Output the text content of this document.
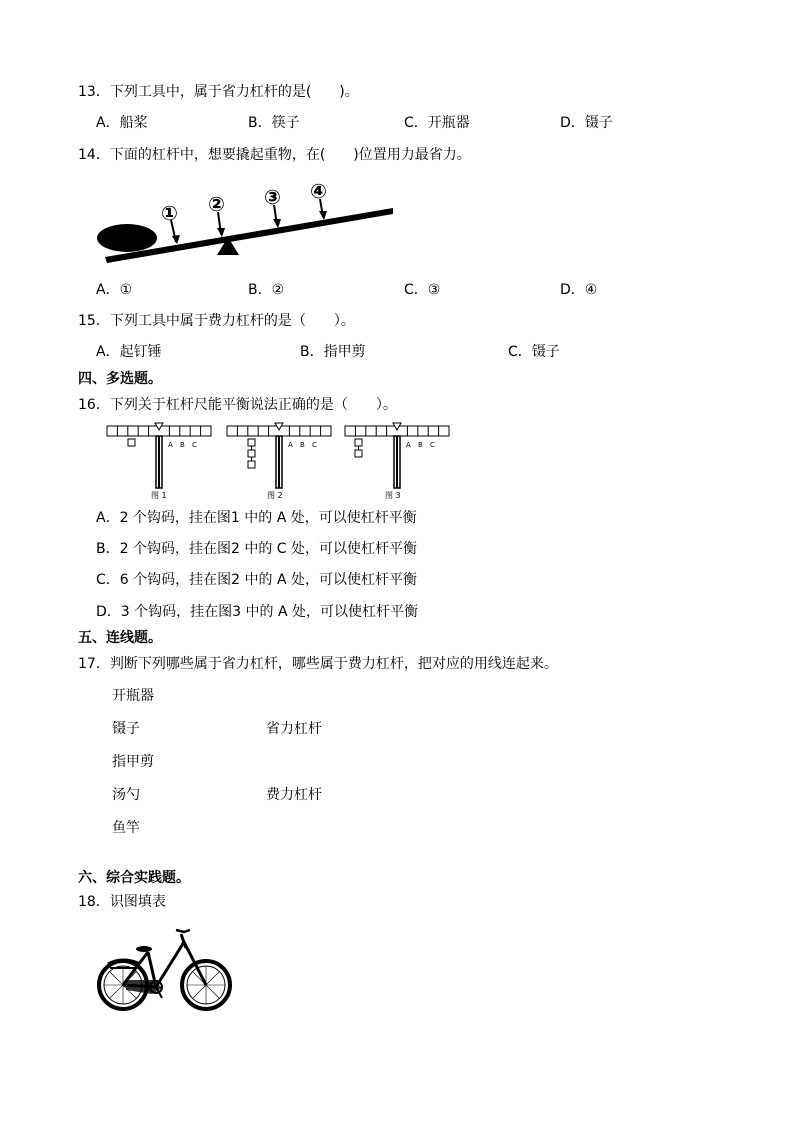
13．下列工具中，属于省力杠杆的是(　　)。
A．船桨	B．筷子	C．开瓶器	D．镊子
14．下面的杠杆中，想要撬起重物，在(　　)位置用力最省力。
① ② ③ ④
A．①	B．②	C．③	D．④
15．下列工具中属于费力杠杆的是（　　）。
A．起钉锤	B．指甲剪	C．镊子
四、多选题。
16．下列关于杠杆尺能平衡说法正确的是（　　）。
A B C
图 1
A B C
图 2
A B C
图 3
A．2 个钩码，挂在图1 中的 A 处，可以使杠杆平衡
B．2 个钩码，挂在图2 中的 C 处，可以使杠杆平衡
C．6 个钩码，挂在图2 中的 A 处，可以使杠杆平衡
D．3 个钩码，挂在图3 中的 A 处，可以使杠杆平衡
五、连线题。
17．判断下列哪些属于省力杠杆，哪些属于费力杠杆，把对应的用线连起来。
开瓶器
镊子
指甲剪
汤勺
鱼竿
省力杠杆
费力杠杆
六、综合实践题。
18．识图填表
